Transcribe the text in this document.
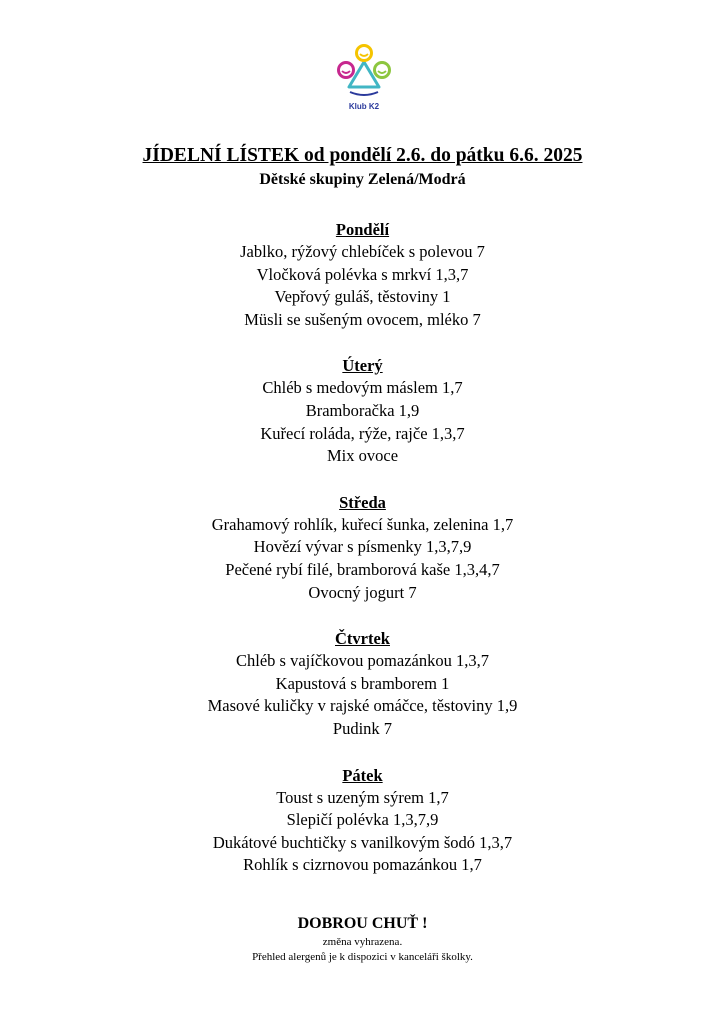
Klub K2
JÍDELNÍ LÍSTEK od pondělí 2.6. do pátku 6.6. 2025
Dětské skupiny Zelená/Modrá
Pondělí
Jablko, rýžový chlebíček s polevou 7
Vločková polévka s mrkví 1,3,7
Vepřový guláš, těstoviny 1
Müsli se sušeným ovocem, mléko 7
Úterý
Chléb s medovým máslem 1,7
Bramboračka 1,9
Kuřecí roláda, rýže, rajče 1,3,7
Mix ovoce
Středa
Grahamový rohlík, kuřecí šunka, zelenina 1,7
Hovězí vývar s písmenky 1,3,7,9
Pečené rybí filé, bramborová kaše 1,3,4,7
Ovocný jogurt 7
Čtvrtek
Chléb s vajíčkovou pomazánkou 1,3,7
Kapustová s bramborem 1
Masové kuličky v rajské omáčce, těstoviny 1,9
Pudink 7
Pátek
Toust s uzeným sýrem 1,7
Slepičí polévka 1,3,7,9
Dukátové buchtičky s vanilkovým šodó 1,3,7
Rohlík s cizrnovou pomazánkou 1,7
DOBROU CHUŤ !
změna vyhrazena.
Přehled alergenů je k dispozici v kanceláři školky.
